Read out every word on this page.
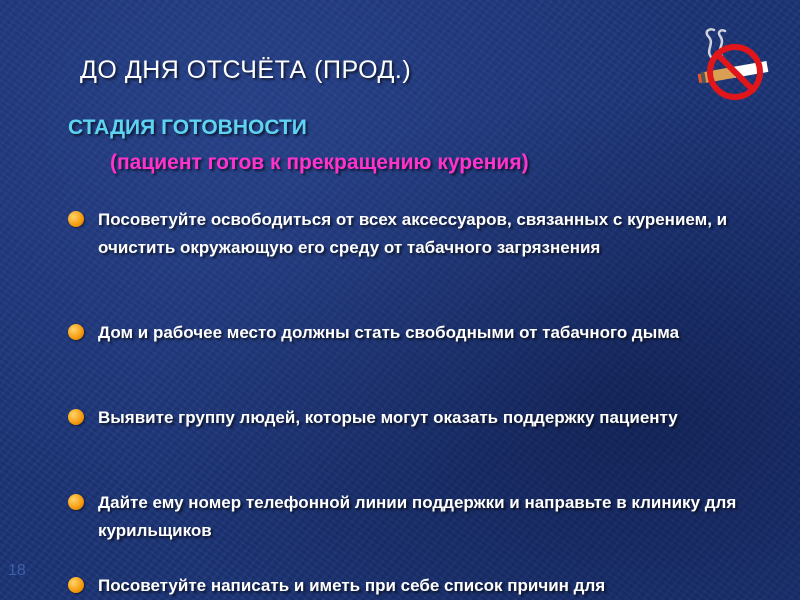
ДО ДНЯ ОТСЧЁТА (ПРОД.)
СТАДИЯ ГОТОВНОСТИ
(пациент готов к прекращению курения)
Посоветуйте освободиться от всех аксессуаров, связанных с курением, и очистить окружающую его среду от табачного загрязнения
Дом и рабочее место должны стать свободными от табачного дыма
Выявите группу людей, которые могут оказать поддержку пациенту
Дайте ему номер телефонной линии поддержки и направьте в клинику для курильщиков
Посоветуйте написать и иметь при себе список причин для
18
